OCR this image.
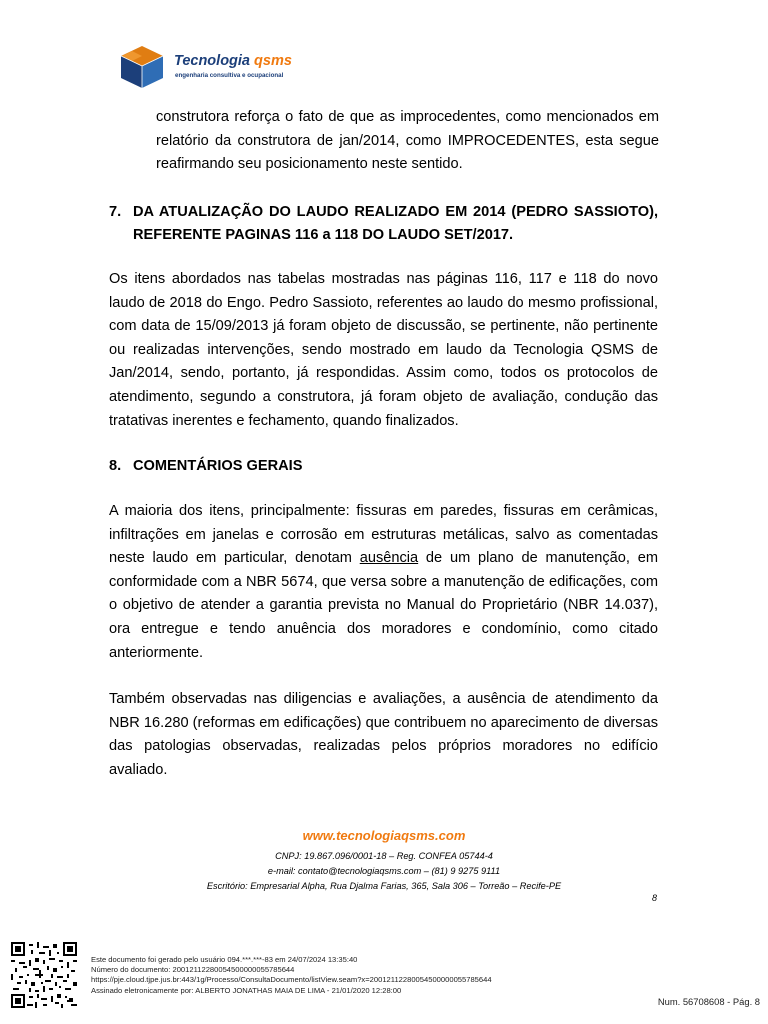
Tecnologia qsms
engenharia consultiva e ocupacional
construtora reforça o fato de que as improcedentes, como mencionados em relatório da construtora de jan/2014, como IMPROCEDENTES, esta segue reafirmando seu posicionamento neste sentido.
7. DA ATUALIZAÇÃO DO LAUDO REALIZADO EM 2014 (PEDRO SASSIOTO), REFERENTE PAGINAS 116 a 118 DO LAUDO SET/2017.
Os itens abordados nas tabelas mostradas nas páginas 116, 117 e 118 do novo laudo de 2018 do Engo. Pedro Sassioto, referentes ao laudo do mesmo profissional, com data de 15/09/2013 já foram objeto de discussão, se pertinente, não pertinente ou realizadas intervenções, sendo mostrado em laudo da Tecnologia QSMS de Jan/2014, sendo, portanto, já respondidas. Assim como, todos os protocolos de atendimento, segundo a construtora, já foram objeto de avaliação, condução das tratativas inerentes e fechamento, quando finalizados.
8. COMENTÁRIOS GERAIS
A maioria dos itens, principalmente: fissuras em paredes, fissuras em cerâmicas, infiltrações em janelas e corrosão em estruturas metálicas, salvo as comentadas neste laudo em particular, denotam ausência de um plano de manutenção, em conformidade com a NBR 5674, que versa sobre a manutenção de edificações, com o objetivo de atender a garantia prevista no Manual do Proprietário (NBR 14.037), ora entregue e tendo anuência dos moradores e condomínio, como citado anteriormente.
Também observadas nas diligencias e avaliações, a ausência de atendimento da NBR 16.280 (reformas em edificações) que contribuem no aparecimento de diversas das patologias observadas, realizadas pelos próprios moradores no edifício avaliado.
www.tecnologiaqsms.com
CNPJ: 19.867.096/0001-18 – Reg. CONFEA 05744-4
e-mail: contato@tecnologiaqsms.com – (81) 9 9275 9111
Escritório: Empresarial Alpha, Rua Djalma Farias, 365, Sala 306 – Torreão – Recife-PE
8
Este documento foi gerado pelo usuário 094.***.***-83 em 24/07/2024 13:35:40
Número do documento: 20012112280054500000055785644
https://pje.cloud.tjpe.jus.br:443/1g/Processo/ConsultaDocumento/listView.seam?x=20012112280054500000055785644
Assinado eletronicamente por: ALBERTO JONATHAS MAIA DE LIMA - 21/01/2020 12:28:00
Num. 56708608 - Pág. 8
